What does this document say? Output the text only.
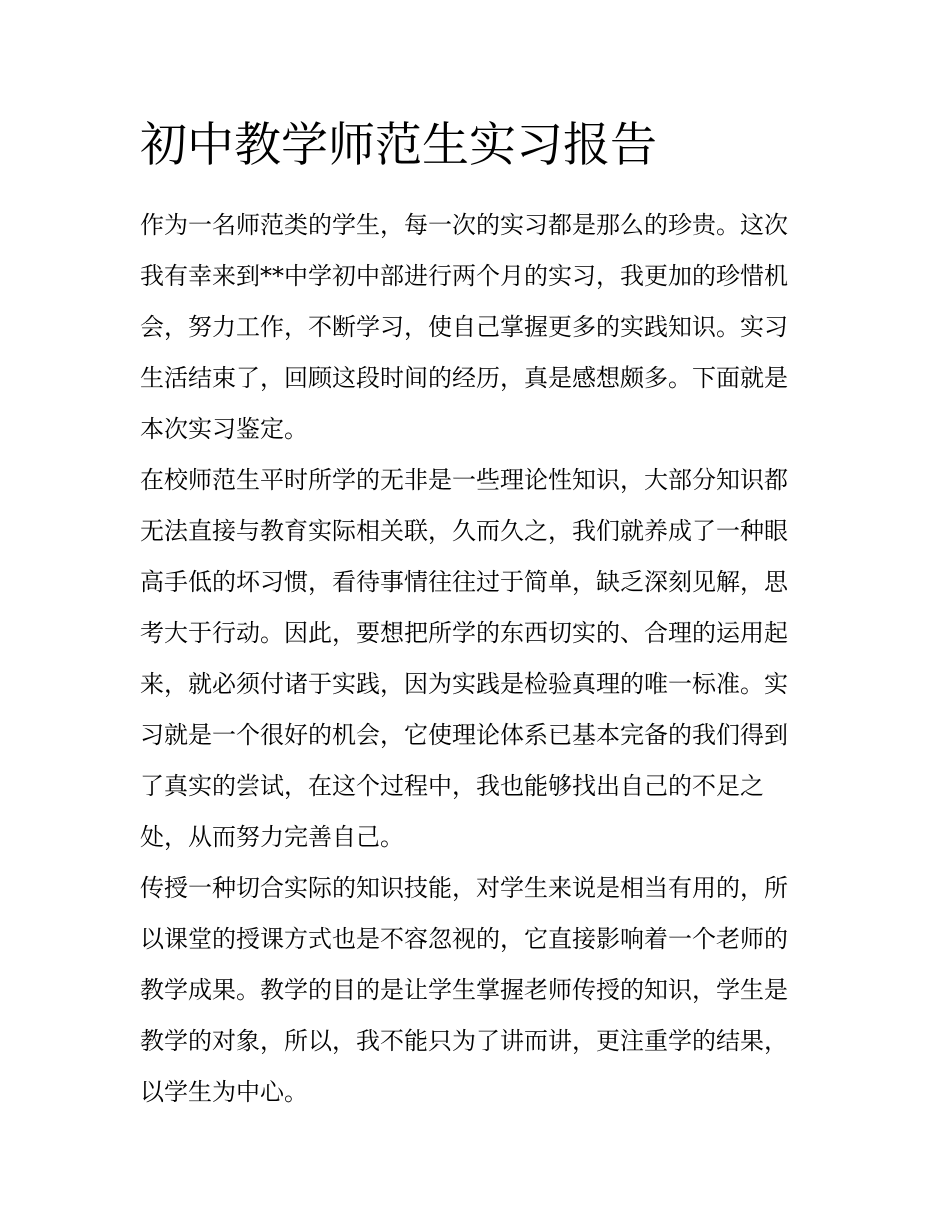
初中教学师范生实习报告
作为一名师范类的学生，每一次的实习都是那么的珍贵。这次
我有幸来到**中学初中部进行两个月的实习，我更加的珍惜机
会，努力工作，不断学习，使自己掌握更多的实践知识。实习
生活结束了，回顾这段时间的经历，真是感想颇多。下面就是
本次实习鉴定。
在校师范生平时所学的无非是一些理论性知识，大部分知识都
无法直接与教育实际相关联，久而久之，我们就养成了一种眼
高手低的坏习惯，看待事情往往过于简单，缺乏深刻见解，思
考大于行动。因此，要想把所学的东西切实的、合理的运用起
来，就必须付诸于实践，因为实践是检验真理的唯一标准。实
习就是一个很好的机会，它使理论体系已基本完备的我们得到
了真实的尝试，在这个过程中，我也能够找出自己的不足之
处，从而努力完善自己。
传授一种切合实际的知识技能，对学生来说是相当有用的，所
以课堂的授课方式也是不容忽视的，它直接影响着一个老师的
教学成果。教学的目的是让学生掌握老师传授的知识，学生是
教学的对象，所以，我不能只为了讲而讲，更注重学的结果，
以学生为中心。
